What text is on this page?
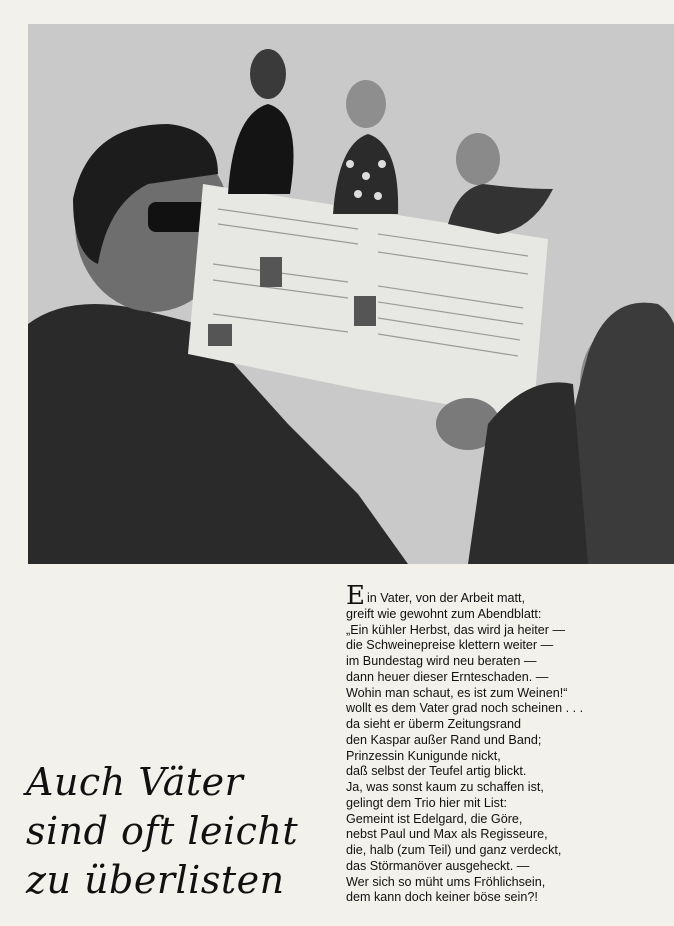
Auch Väter
sind oft leicht
zu überlisten
Ein Vater, von der Arbeit matt,
greift wie gewohnt zum Abendblatt:
„Ein kühler Herbst, das wird ja heiter —
die Schweinepreise klettern weiter —
im Bundestag wird neu beraten —
dann heuer dieser Ernteschaden. —
Wohin man schaut, es ist zum Weinen!“
wollt es dem Vater grad noch scheinen . . .
da sieht er überm Zeitungsrand
den Kaspar außer Rand und Band;
Prinzessin Kunigunde nickt,
daß selbst der Teufel artig blickt.
Ja, was sonst kaum zu schaffen ist,
gelingt dem Trio hier mit List:
Gemeint ist Edelgard, die Göre,
nebst Paul und Max als Regisseure,
die, halb (zum Teil) und ganz verdeckt,
das Störmanöver ausgeheckt. —
Wer sich so müht ums Fröhlichsein,
dem kann doch keiner böse sein?!
